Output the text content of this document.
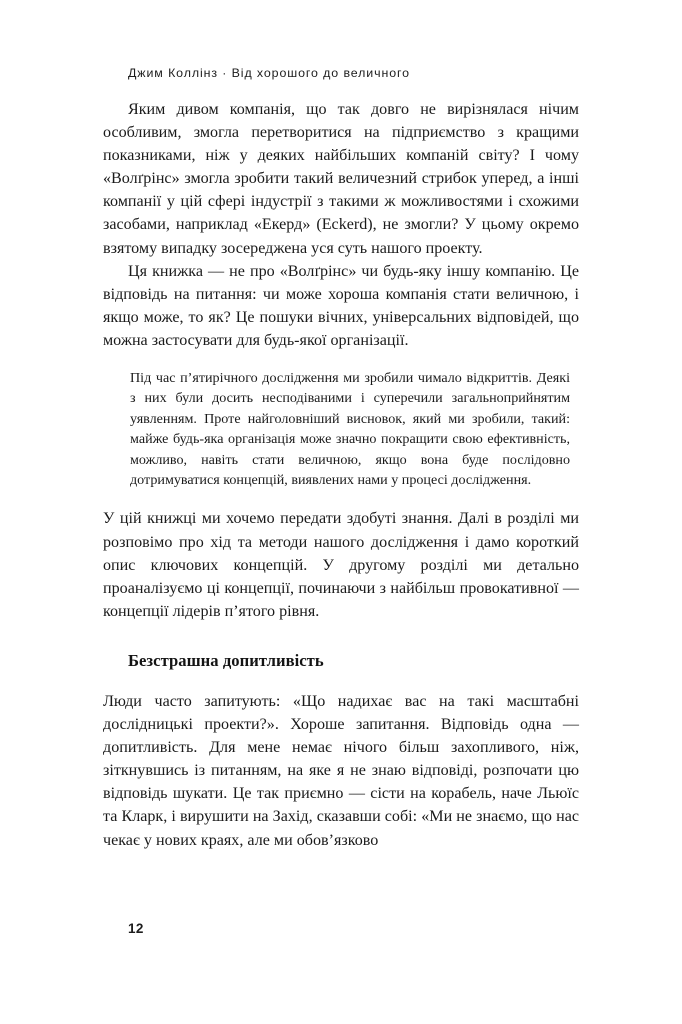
Джим Коллінз · Від хорошого до величного

Яким дивом компанія, що так довго не вирізнялася нічим особливим, змогла перетворитися на підприємство з кращими показниками, ніж у деяких найбільших компаній світу? І чому «Волґрінс» змогла зробити такий величезний стрибок уперед, а інші компанії у цій сфері індустрії з такими ж можливостями і схожими засобами, наприклад «Екерд» (Eckerd), не змогли? У цьому окремо взятому випадку зосереджена уся суть нашого проекту.

Ця книжка — не про «Волґрінс» чи будь-яку іншу компанію. Це відповідь на питання: чи може хороша компанія стати величною, і якщо може, то як? Це пошуки вічних, універсальних відповідей, що можна застосувати для будь-якої організації.

Під час п’ятирічного дослідження ми зробили чимало відкриттів. Деякі з них були досить несподіваними і суперечили загальноприйнятим уявленням. Проте найголовніший висновок, який ми зробили, такий: майже будь-яка організація може значно покращити свою ефективність, можливо, навіть стати величною, якщо вона буде послідовно дотримуватися концепцій, виявлених нами у процесі дослідження.

У цій книжці ми хочемо передати здобуті знання. Далі в розділі ми розповімо про хід та методи нашого дослідження і дамо короткий опис ключових концепцій. У другому розділі ми детально проаналізуємо ці концепції, починаючи з найбільш провокативної — концепції лідерів п’ятого рівня.

Безстрашна допитливість

Люди часто запитують: «Що надихає вас на такі масштабні дослідницькі проекти?». Хороше запитання. Відповідь одна — допитливість. Для мене немає нічого більш захопливого, ніж, зіткнувшись із питанням, на яке я не знаю відповіді, розпочати цю відповідь шукати. Це так приємно — сісти на корабель, наче Льюїс та Кларк, і вирушити на Захід, сказавши собі: «Ми не знаємо, що нас чекає у нових краях, але ми обов’язково

12
